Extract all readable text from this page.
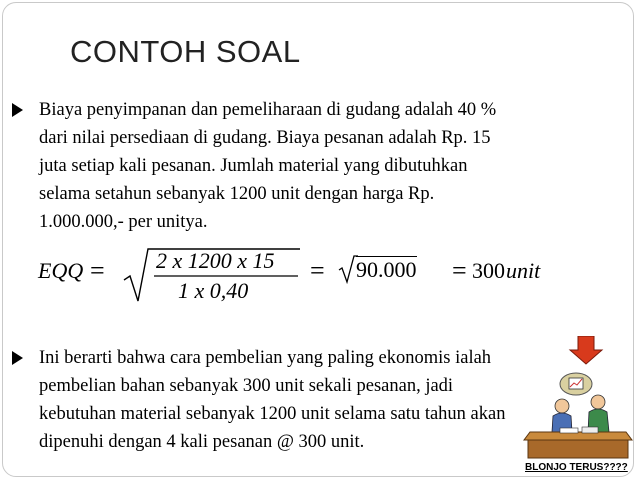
CONTOH SOAL
Biaya penyimpanan dan pemeliharaan di gudang adalah 40 %
dari nilai persediaan di gudang. Biaya pesanan adalah Rp. 15
juta setiap kali pesanan. Jumlah material yang dibutuhkan
selama setahun sebanyak 1200 unit dengan harga Rp.
1.000.000,- per unitya.
EQQ = 2 x 1200 x 15
1 x 0,40
= 90.000 = 300 unit
Ini berarti bahwa cara pembelian yang paling ekonomis ialah
pembelian bahan sebanyak 300 unit sekali pesanan, jadi
kebutuhan material sebanyak 1200 unit selama satu tahun akan
dipenuhi dengan 4 kali pesanan @ 300 unit.
BLONJO TERUS????
